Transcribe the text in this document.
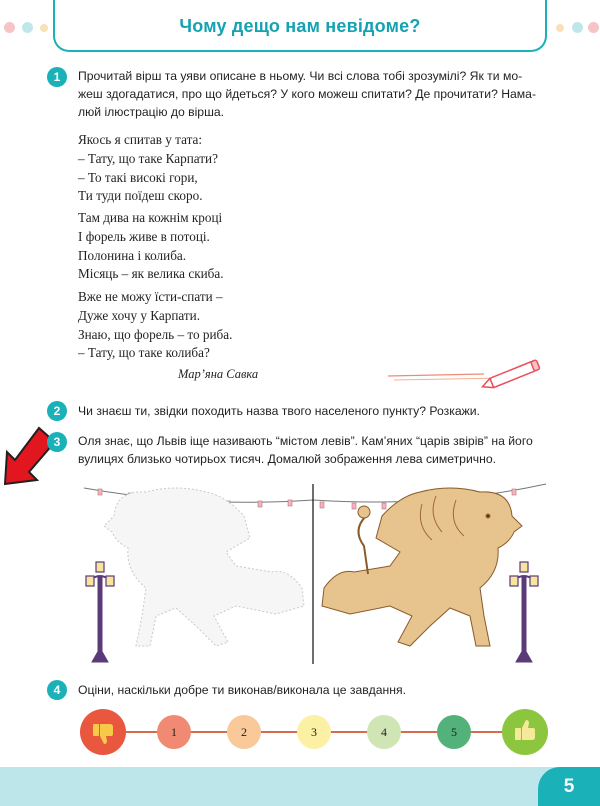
Чому дещо нам невідоме?
1	Прочитай вірш та уяви описане в ньому. Чи всі слова тобі зрозумілі? Як ти мо-
жеш здогадатися, про що йдеться? У кого можеш спитати? Де прочитати? Нама-
люй ілюстрацію до вірша.
Якось я спитав у тата:
– Тату, що таке Карпати?
– То такі високі гори,
Ти туди поїдеш скоро.
Там дива на кожнім кроці
І форель живе в потоці.
Полонина і колиба.
Місяць – як велика скиба.
Вже не можу їсти-спати –
Дуже хочу у Карпати.
Знаю, що форель – то риба.
– Тату, що таке колиба?
Мар’яна Савка
2	Чи знаєш ти, звідки походить назва твого населеного пункту? Розкажи.
3	Оля знає, що Львів іще називають “містом левів”. Кам’яних “царів звірів” на його
вулицях близько чотирьох тисяч. Домалюй зображення лева симетрично.
4	Оціни, наскільки добре ти виконав/виконала це завдання.
1	2	3	4	5
5
